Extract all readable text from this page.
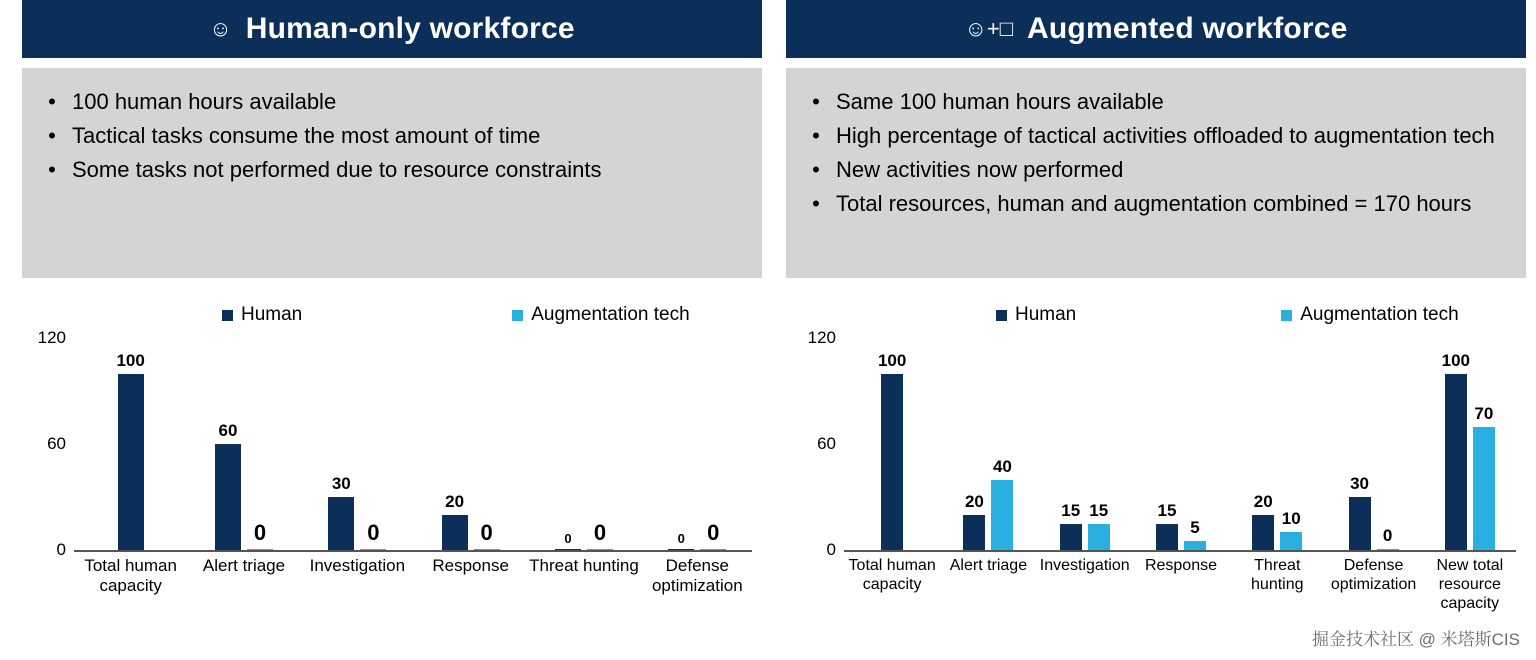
☺ Human-only workforce
• 100 human hours available
• Tactical tasks consume the most amount of time
• Some tasks not performed due to resource constraints
Human	Augmentation tech
120
60
0
100
60
0
30
0
20
0	0 0	0 0
Total human capacity
Alert triage	Investigation	Response	Threat hunting	Defense optimization
☺+□ Augmented workforce
• Same 100 human hours available
• High percentage of tactical activities offloaded to augmentation tech
• New activities now performed
• Total resources, human and augmentation combined = 170 hours
Human	Augmentation tech
120
60
0
100
20
40
15 15	15
5
20
10
30
0
100
70
Total human capacity
Alert triage Investigation Response	Threat hunting
Defense optimization
New total resource capacity
掘金技术社区 @ 米塔斯CIS
